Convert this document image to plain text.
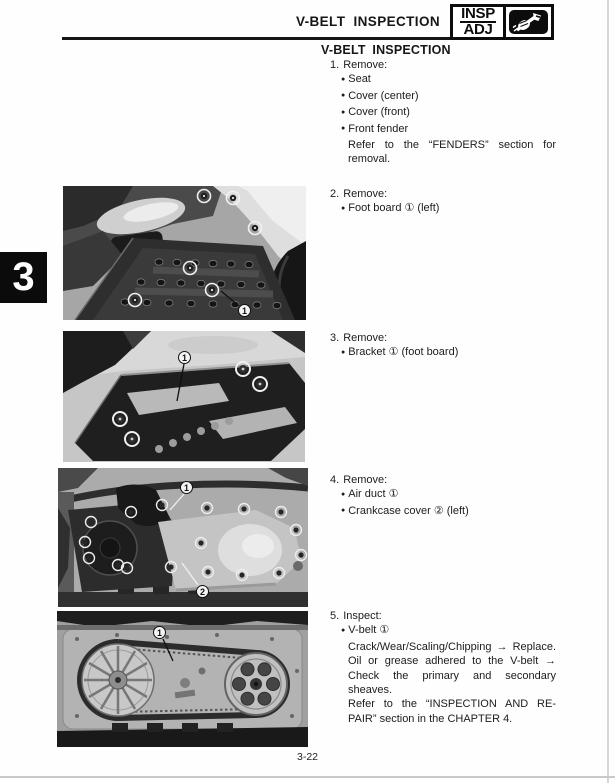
V-BELT INSPECTION INSP
ADJ
3
V-BELT INSPECTION
1. Remove:
● Seat
● Cover (center)
● Cover (front)
● Front fender
Refer to the “FENDERS” section for
removal.
2. Remove:
● Foot board ① (left)
3. Remove:
● Bracket ① (foot board)
4. Remove:
● Air duct ①
● Crankcase cover ② (left)
5. Inspect:
● V-belt ①
Crack/Wear/Scaling/Chipping → Replace.
Oil or grease adhered to the V-belt →
Check the primary and secondary sheaves.
Refer to the “INSPECTION AND RE-
PAIR” section in the CHAPTER 4.
1
1
1
2
1
3-22
